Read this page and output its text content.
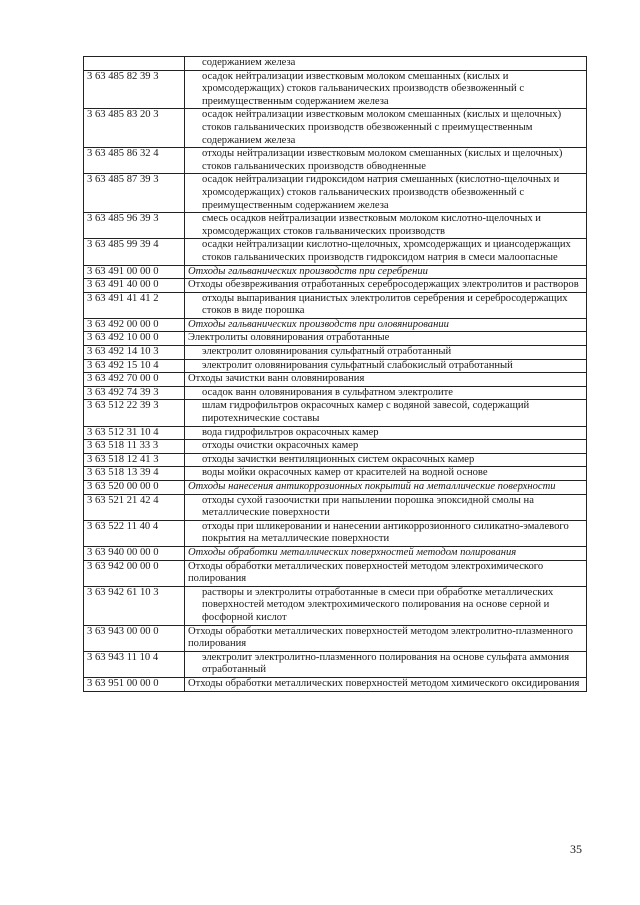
	содержанием железа
3 63 485 82 39 3	осадок нейтрализации известковым молоком смешанных (кислых и хромсодержащих) стоков гальванических производств обезвоженный с преимущественным содержанием железа
3 63 485 83 20 3	осадок нейтрализации известковым молоком смешанных (кислых и щелочных) стоков гальванических производств обезвоженный с преимущественным содержанием железа
3 63 485 86 32 4	отходы нейтрализации известковым молоком смешанных (кислых и щелочных) стоков гальванических производств обводненные
3 63 485 87 39 3	осадок нейтрализации гидроксидом натрия смешанных (кислотно-щелочных и хромсодержащих) стоков гальванических производств обезвоженный с преимущественным содержанием железа
3 63 485 96 39 3	смесь осадков нейтрализации известковым молоком кислотно-щелочных и хромсодержащих стоков гальванических производств
3 63 485 99 39 4	осадки нейтрализации кислотно-щелочных, хромсодержащих и циансодержащих стоков гальванических производств гидроксидом натрия в смеси малоопасные
3 63 491 00 00 0	Отходы гальванических производств при серебрении
3 63 491 40 00 0	Отходы обезвреживания отработанных серебросодержащих электролитов и растворов
3 63 491 41 41 2	отходы выпаривания цианистых электролитов серебрения и серебросодержащих стоков в виде порошка
3 63 492 00 00 0	Отходы гальванических производств при оловянировании
3 63 492 10 00 0	Электролиты оловянирования отработанные
3 63 492 14 10 3	электролит оловянирования сульфатный отработанный
3 63 492 15 10 4	электролит оловянирования сульфатный слабокислый отработанный
3 63 492 70 00 0	Отходы зачистки ванн оловянирования
3 63 492 74 39 3	осадок ванн оловянирования в сульфатном электролите
3 63 512 22 39 3	шлам гидрофильтров окрасочных камер с водяной завесой, содержащий пиротехнические составы
3 63 512 31 10 4	вода гидрофильтров окрасочных камер
3 63 518 11 33 3	отходы очистки окрасочных камер
3 63 518 12 41 3	отходы зачистки вентиляционных систем окрасочных камер
3 63 518 13 39 4	воды мойки окрасочных камер от красителей на водной основе
3 63 520 00 00 0	Отходы нанесения антикоррозионных покрытий на металлические поверхности
3 63 521 21 42 4	отходы сухой газоочистки при напылении порошка эпоксидной смолы на металлические поверхности
3 63 522 11 40 4	отходы при шликеровании и нанесении антикоррозионного силикатно-эмалевого покрытия на металлические поверхности
3 63 940 00 00 0	Отходы обработки металлических поверхностей методом полирования
3 63 942 00 00 0	Отходы обработки металлических поверхностей методом электрохимического полирования
3 63 942 61 10 3	растворы и электролиты отработанные в смеси при обработке металлических поверхностей методом электрохимического полирования на основе серной и фосфорной кислот
3 63 943 00 00 0	Отходы обработки металлических поверхностей методом электролитно-плазменного полирования
3 63 943 11 10 4	электролит электролитно-плазменного полирования на основе сульфата аммония отработанный
3 63 951 00 00 0	Отходы обработки металлических поверхностей методом химического оксидирования
35
